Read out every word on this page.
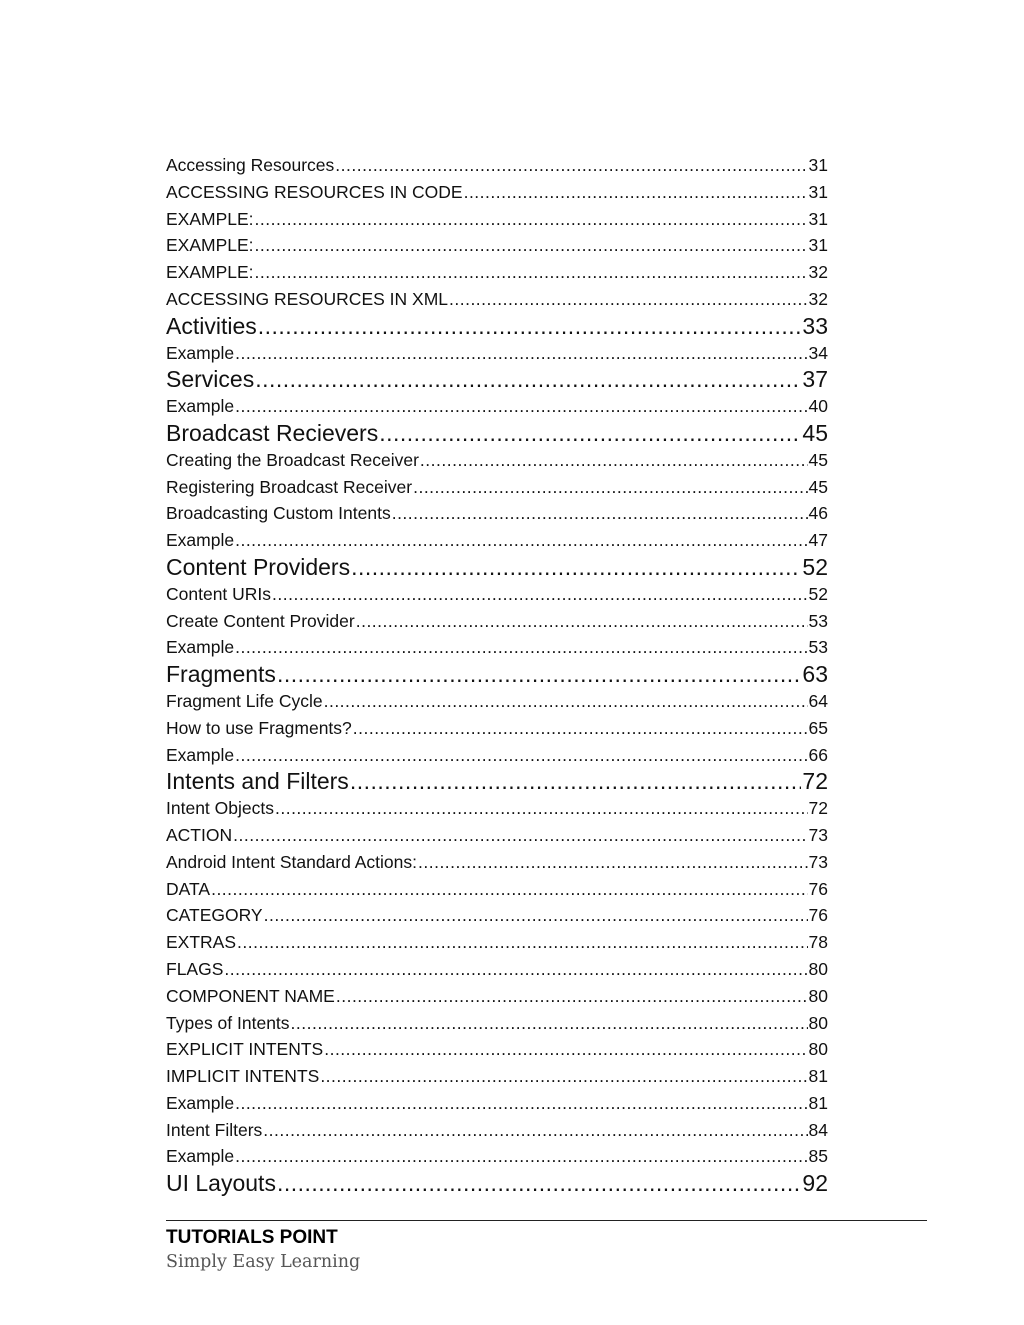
Accessing Resources .....	31
ACCESSING RESOURCES IN CODE .....	31
EXAMPLE: .....	31
EXAMPLE: .....	31
EXAMPLE: .....	32
ACCESSING RESOURCES IN XML .....	32
Activities .....	33
Example .....	34
Services .....	37
Example .....	40
Broadcast Recievers .....	45
Creating the Broadcast Receiver .....	45
Registering Broadcast Receiver .....	45
Broadcasting Custom Intents .....	46
Example .....	47
Content Providers .....	52
Content URIs .....	52
Create Content Provider .....	53
Example .....	53
Fragments .....	63
Fragment Life Cycle .....	64
How to use Fragments? .....	65
Example .....	66
Intents and Filters .....	72
Intent Objects .....	72
ACTION .....	73
Android Intent Standard Actions: .....	73
DATA .....	76
CATEGORY .....	76
EXTRAS .....	78
FLAGS .....	80
COMPONENT NAME .....	80
Types of Intents .....	80
EXPLICIT INTENTS .....	80
IMPLICIT INTENTS .....	81
Example .....	81
Intent Filters .....	84
Example .....	85
UI Layouts .....	92
TUTORIALS POINT
Simply Easy Learning
